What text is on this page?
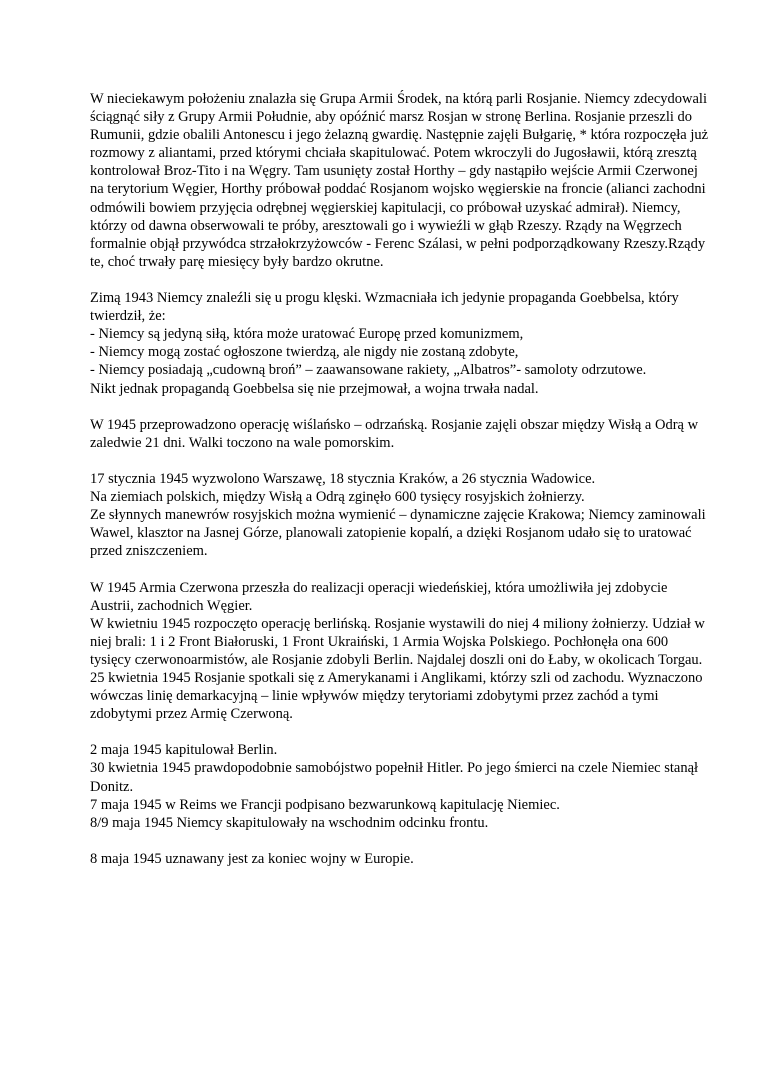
W nieciekawym położeniu znalazła się Grupa Armii Środek, na którą parli Rosjanie. Niemcy zdecydowali ściągnąć siły z Grupy Armii Południe, aby opóźnić marsz Rosjan w stronę Berlina. Rosjanie przeszli do Rumunii, gdzie obalili Antonescu i jego żelazną gwardię. Następnie zajęli Bułgarię, * która rozpoczęła już rozmowy z aliantami, przed którymi chciała skapitulować. Potem wkroczyli do Jugosławii, którą zresztą kontrolował Broz-Tito i na Węgry. Tam usunięty został Horthy – gdy nastąpiło wejście Armii Czerwonej na terytorium Węgier, Horthy próbował poddać Rosjanom wojsko węgierskie na froncie (alianci zachodni odmówili bowiem przyjęcia odrębnej węgierskiej kapitulacji, co próbował uzyskać admirał). Niemcy, którzy od dawna obserwowali te próby, aresztowali go i wywieźli w głąb Rzeszy. Rządy na Węgrzech formalnie objął przywódca strzałokrzyżowców - Ferenc Szálasi, w pełni podporządkowany Rzeszy.Rządy te, choć trwały parę miesięcy były bardzo okrutne.

Zimą 1943 Niemcy znaleźli się u progu klęski. Wzmacniała ich jedynie propaganda Goebbelsa, który twierdził, że:
- Niemcy są jedyną siłą, która może uratować Europę przed komunizmem,
- Niemcy mogą zostać ogłoszone twierdzą, ale nigdy nie zostaną zdobyte,
- Niemcy posiadają „cudowną broń” – zaawansowane rakiety, „Albatros”- samoloty odrzutowe.
Nikt jednak propagandą Goebbelsa się nie przejmował, a wojna trwała nadal.

W 1945 przeprowadzono operację wiślańsko – odrzańską. Rosjanie zajęli obszar między Wisłą a Odrą w zaledwie 21 dni. Walki toczono na wale pomorskim.

17 stycznia 1945 wyzwolono Warszawę, 18 stycznia Kraków, a 26 stycznia Wadowice.
Na ziemiach polskich, między Wisłą a Odrą zginęło 600 tysięcy rosyjskich żołnierzy.
Ze słynnych manewrów rosyjskich można wymienić – dynamiczne zajęcie Krakowa; Niemcy zaminowali Wawel, klasztor na Jasnej Górze, planowali zatopienie kopalń, a dzięki Rosjanom udało się to uratować przed zniszczeniem.

W 1945 Armia Czerwona przeszła do realizacji operacji wiedeńskiej, która umożliwiła jej zdobycie Austrii, zachodnich Węgier.
W kwietniu 1945 rozpoczęto operację berlińską. Rosjanie wystawili do niej 4 miliony żołnierzy. Udział w niej brali: 1 i 2 Front Białoruski, 1 Front Ukraiński, 1 Armia Wojska Polskiego. Pochłonęła ona 600 tysięcy czerwonoarmistów, ale Rosjanie zdobyli Berlin. Najdalej doszli oni do Łaby, w okolicach Torgau. 25 kwietnia 1945 Rosjanie spotkali się z Amerykanami i Anglikami, którzy szli od zachodu. Wyznaczono wówczas linię demarkacyjną – linie wpływów między terytoriami zdobytymi przez zachód a tymi zdobytymi przez Armię Czerwoną.

2 maja 1945 kapitulował Berlin.
30 kwietnia 1945 prawdopodobnie samobójstwo popełnił Hitler. Po jego śmierci na czele Niemiec stanął Donitz.
7 maja 1945 w Reims we Francji podpisano bezwarunkową kapitulację Niemiec.
8/9 maja 1945 Niemcy skapitulowały na wschodnim odcinku frontu.

8 maja 1945 uznawany jest za koniec wojny w Europie.
